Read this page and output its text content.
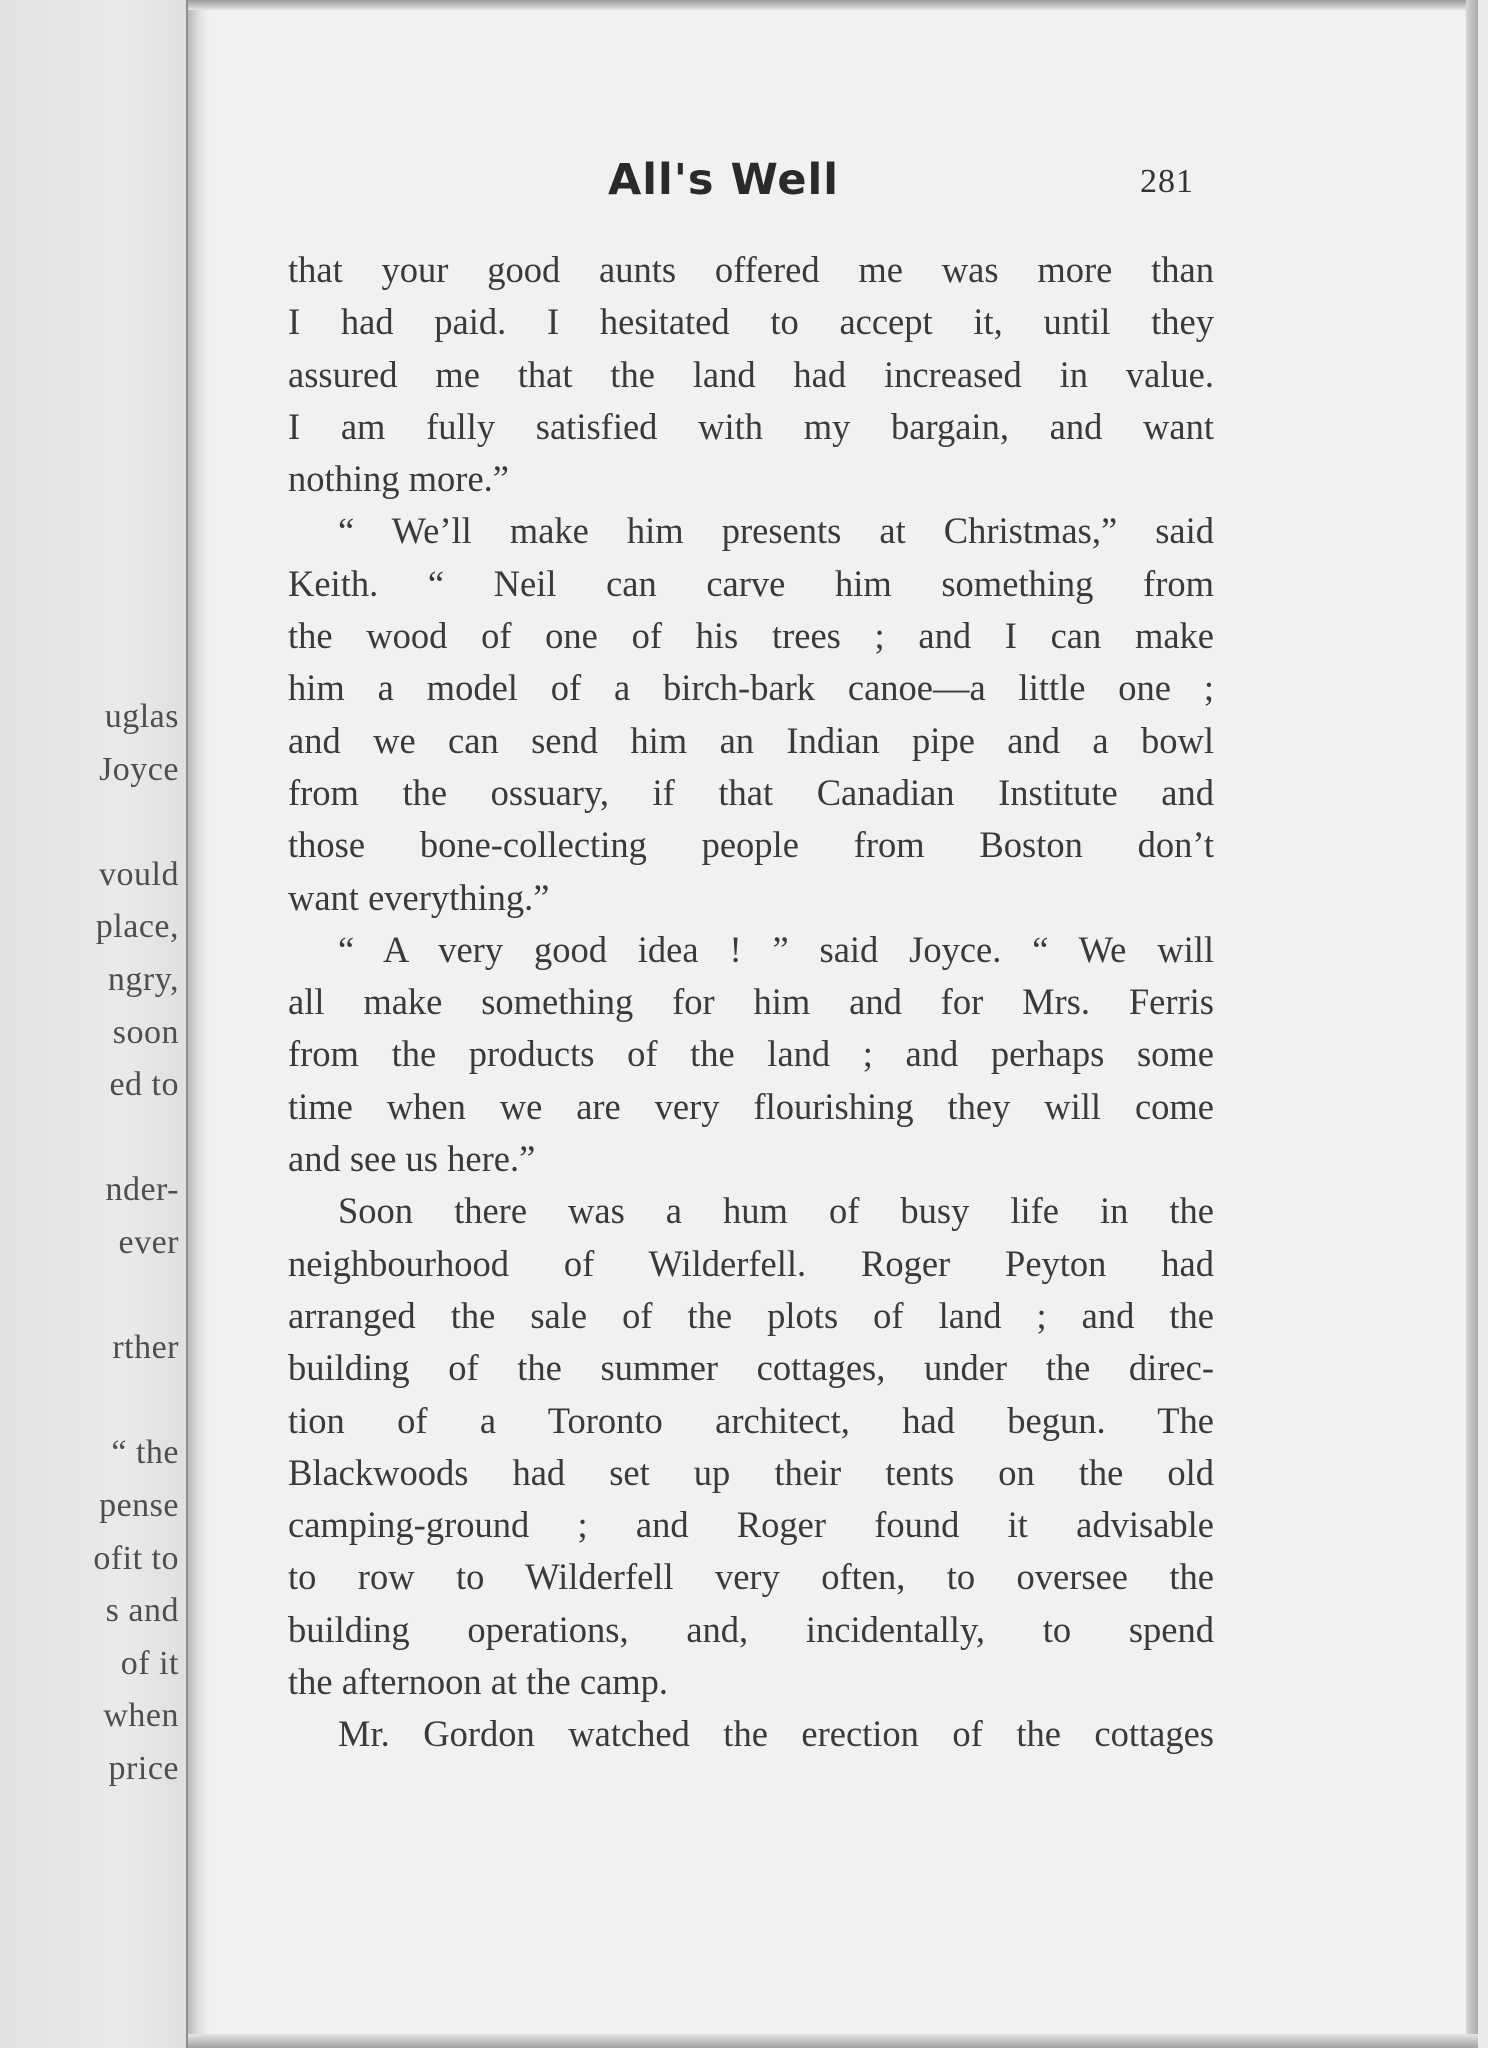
uglas
Joyce
vould
place,
ngry,
soon
ed to
nder-
ever
rther
“ the
pense
ofit to
s and
of it
when
price
All's Well	281
that your good aunts offered me was more than
I had paid. I hesitated to accept it, until they
assured me that the land had increased in value.
I am fully satisfied with my bargain, and want
nothing more.”
“ We’ll make him presents at Christmas,” said
Keith. “ Neil can carve him something from
the wood of one of his trees ; and I can make
him a model of a birch-bark canoe—a little one ;
and we can send him an Indian pipe and a bowl
from the ossuary, if that Canadian Institute and
those bone-collecting people from Boston don’t
want everything.”
“ A very good idea ! ” said Joyce. “ We will
all make something for him and for Mrs. Ferris
from the products of the land ; and perhaps some
time when we are very flourishing they will come
and see us here.”
Soon there was a hum of busy life in the
neighbourhood of Wilderfell. Roger Peyton had
arranged the sale of the plots of land ; and the
building of the summer cottages, under the direc-
tion of a Toronto architect, had begun. The
Blackwoods had set up their tents on the old
camping-ground ; and Roger found it advisable
to row to Wilderfell very often, to oversee the
building operations, and, incidentally, to spend
the afternoon at the camp.
Mr. Gordon watched the erection of the cottages
